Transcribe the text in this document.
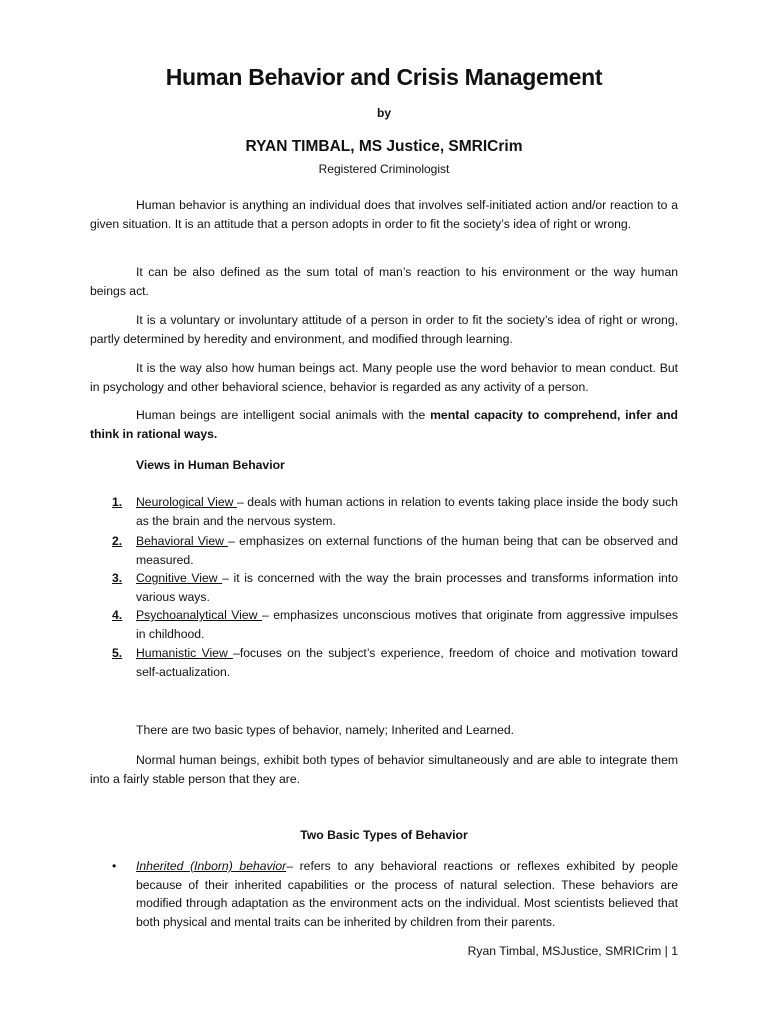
Human Behavior and Crisis Management
by
RYAN TIMBAL, MS Justice, SMRICrim
Registered Criminologist

Human behavior is anything an individual does that involves self-initiated action and/or reaction to a given situation. It is an attitude that a person adopts in order to fit the society’s idea of right or wrong.

It can be also defined as the sum total of man’s reaction to his environment or the way human beings act.

It is a voluntary or involuntary attitude of a person in order to fit the society’s idea of right or wrong, partly determined by heredity and environment, and modified through learning.

It is the way also how human beings act. Many people use the word behavior to mean conduct. But in psychology and other behavioral science, behavior is regarded as any activity of a person.

Human beings are intelligent social animals with the mental capacity to comprehend, infer and think in rational ways.

Views in Human Behavior
1. Neurological View – deals with human actions in relation to events taking place inside the body such as the brain and the nervous system.
2. Behavioral View – emphasizes on external functions of the human being that can be observed and measured.
3. Cognitive View – it is concerned with the way the brain processes and transforms information into various ways.
4. Psychoanalytical View – emphasizes unconscious motives that originate from aggressive impulses in childhood.
5. Humanistic View –focuses on the subject’s experience, freedom of choice and motivation toward self-actualization.

There are two basic types of behavior, namely; Inherited and Learned.

Normal human beings, exhibit both types of behavior simultaneously and are able to integrate them into a fairly stable person that they are.

Two Basic Types of Behavior
• Inherited (Inborn) behavior– refers to any behavioral reactions or reflexes exhibited by people because of their inherited capabilities or the process of natural selection. These behaviors are modified through adaptation as the environment acts on the individual. Most scientists believed that both physical and mental traits can be inherited by children from their parents.
Ryan Timbal, MSJustice, SMRICrim | 1
